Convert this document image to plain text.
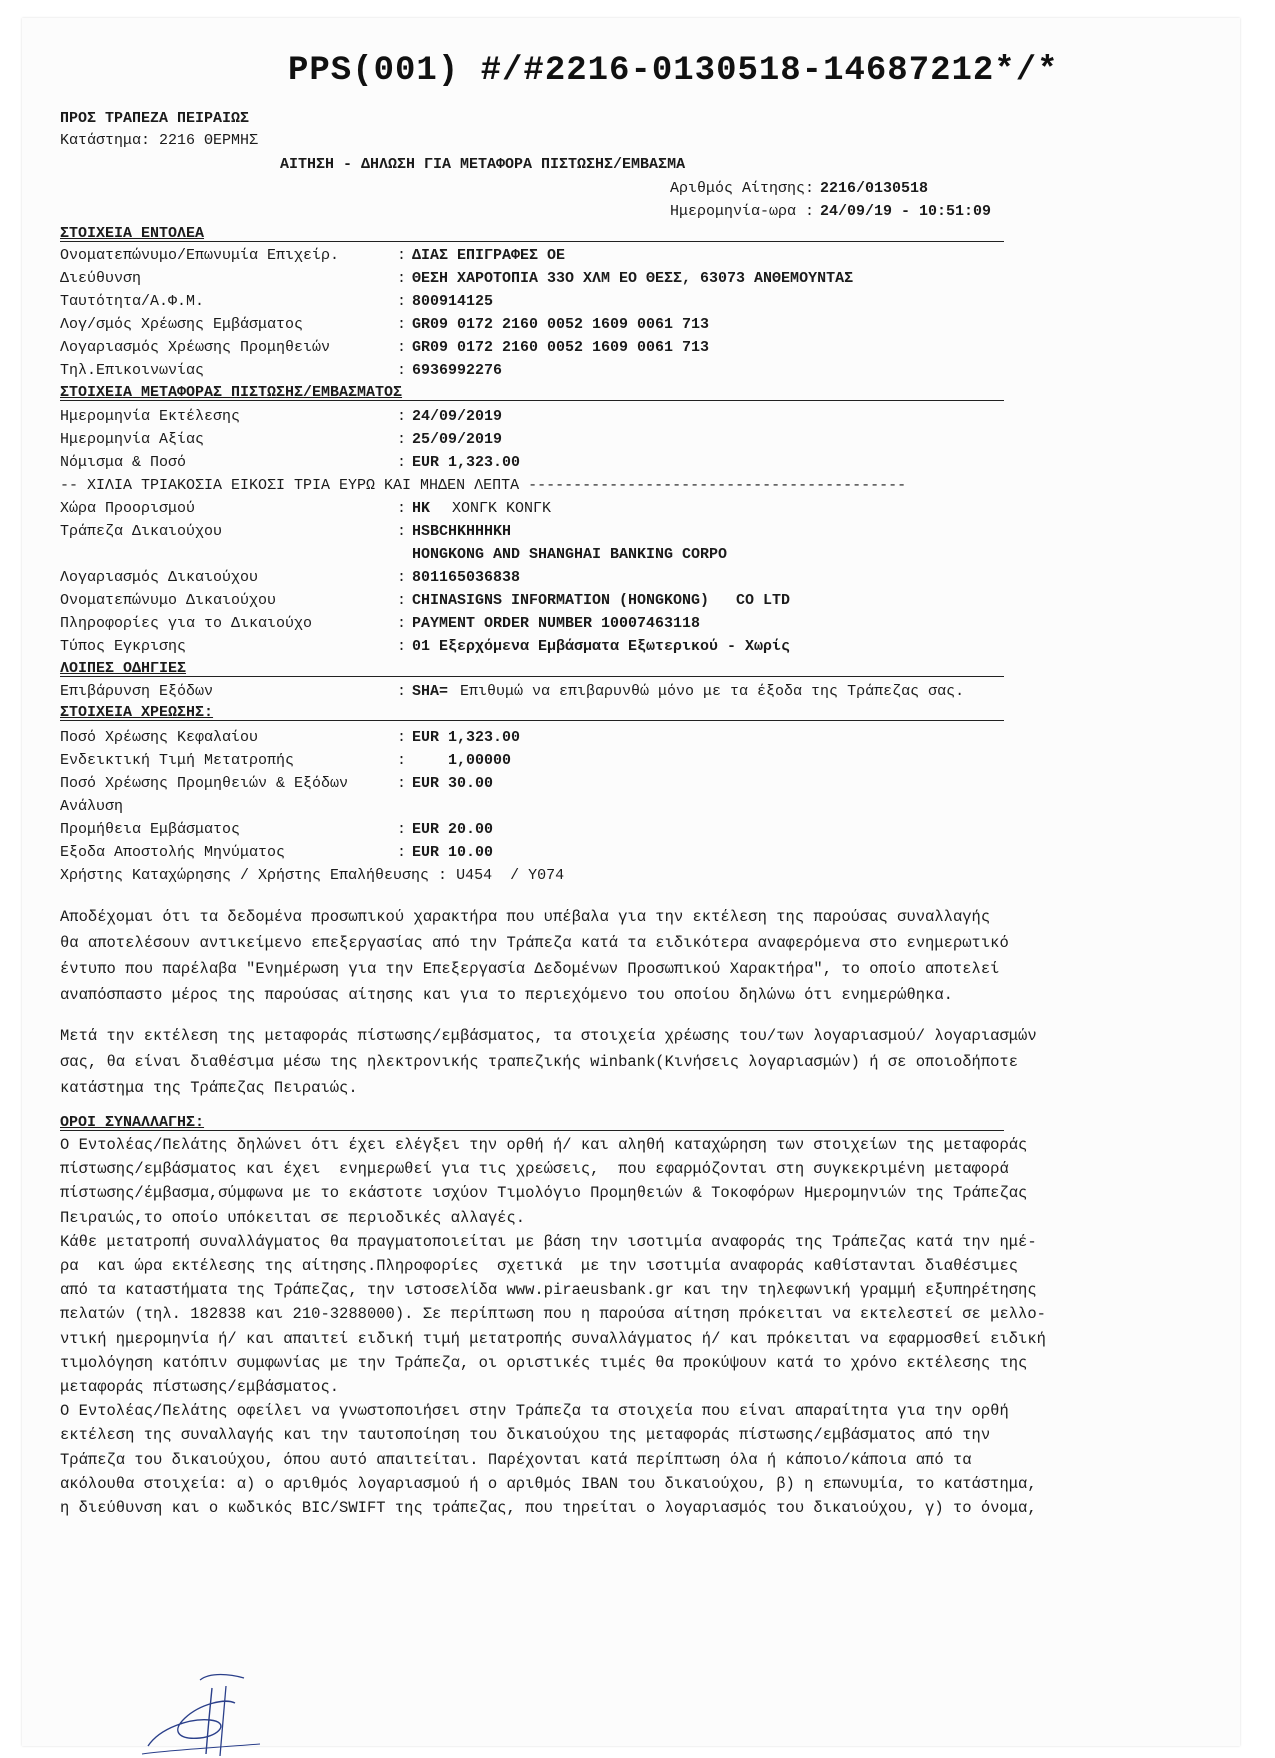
PPS(001) #/#2216-0130518-14687212*/*
ΠΡΟΣ ΤΡΑΠΕΖΑ ΠΕΙΡΑΙΩΣ
Κατάστημα: 2216 ΘΕΡΜΗΣ
ΑΙΤΗΣΗ - ΔΗΛΩΣΗ ΓΙΑ ΜΕΤΑΦΟΡΑ ΠΙΣΤΩΣΗΣ/ΕΜΒΑΣΜΑ
Αριθμός Αίτησης: 2216/0130518
Ημερομηνία-ωρα : 24/09/19 - 10:51:09
ΣΤΟΙΧΕΙΑ ΕΝΤΟΛΕΑ
Ονοματεπώνυμο/Επωνυμία Επιχείρ.	: ΔΙΑΣ ΕΠΙΓΡΑΦΕΣ ΟΕ
Διεύθυνση	: ΘΕΣΗ ΧΑΡΟΤΟΠΙΑ 33Ο ΧΛΜ ΕΟ ΘΕΣΣ, 63073 ΑΝΘΕΜΟΥΝΤΑΣ
Ταυτότητα/Α.Φ.Μ.	: 800914125
Λογ/σμός Χρέωσης Εμβάσματος	: GR09 0172 2160 0052 1609 0061 713
Λογαριασμός Χρέωσης Προμηθειών	: GR09 0172 2160 0052 1609 0061 713
Τηλ.Επικοινωνίας	: 6936992276
ΣΤΟΙΧΕΙΑ ΜΕΤΑΦΟΡΑΣ ΠΙΣΤΩΣΗΣ/ΕΜΒΑΣΜΑΤΟΣ
Ημερομηνία Εκτέλεσης	: 24/09/2019
Ημερομηνία Αξίας	: 25/09/2019
Νόμισμα & Ποσό	: EUR 1,323.00
-- ΧΙΛΙΑ ΤΡΙΑΚΟΣΙΑ ΕΙΚΟΣΙ ΤΡΙΑ ΕΥΡΩ ΚΑΙ ΜΗΔΕΝ ΛΕΠΤΑ ------------------------------------------
Χώρα Προορισμού	: HK ΧΟΝΓΚ ΚΟΝΓΚ
Τράπεζα Δικαιούχου	: HSBCHKHHHKH
HONGKONG AND SHANGHAI BANKING CORPO
Λογαριασμός Δικαιούχου	: 801165036838
Ονοματεπώνυμο Δικαιούχου	: CHINASIGNS INFORMATION (HONGKONG)   CO LTD
Πληροφορίες για το Δικαιούχο	: PAYMENT ORDER NUMBER 10007463118
Τύπος Εγκρισης	: 01 Εξερχόμενα Εμβάσματα Εξωτερικού - Χωρίς
ΛΟΙΠΕΣ ΟΔΗΓΙΕΣ
Επιβάρυνση Εξόδων	: SHA= Επιθυμώ να επιβαρυνθώ μόνο με τα έξοδα της Τράπεζας σας.
ΣΤΟΙΧΕΙΑ ΧΡΕΩΣΗΣ:
Ποσό Χρέωσης Κεφαλαίου	: EUR 1,323.00
Ενδεικτική Τιμή Μετατροπής	: 1,00000
Ποσό Χρέωσης Προμηθειών & Εξόδων	: EUR 30.00
Ανάλυση
Προμήθεια Εμβάσματος	: EUR 20.00
Εξοδα Αποστολής Μηνύματος	: EUR 10.00
Χρήστης Καταχώρησης / Χρήστης Επαλήθευσης : U454  / Y074
Αποδέχομαι ότι τα δεδομένα προσωπικού χαρακτήρα που υπέβαλα για την εκτέλεση της παρούσας συναλλαγής
θα αποτελέσουν αντικείμενο επεξεργασίας από την Τράπεζα κατά τα ειδικότερα αναφερόμενα στο ενημερωτικό
έντυπο που παρέλαβα "Ενημέρωση για την Επεξεργασία Δεδομένων Προσωπικού Χαρακτήρα", το οποίο αποτελεί
αναπόσπαστο μέρος της παρούσας αίτησης και για το περιεχόμενο του οποίου δηλώνω ότι ενημερώθηκα.
Μετά την εκτέλεση της μεταφοράς πίστωσης/εμβάσματος, τα στοιχεία χρέωσης του/των λογαριασμού/ λογαριασμών
σας, θα είναι διαθέσιμα μέσω της ηλεκτρονικής τραπεζικής winbank(Κινήσεις λογαριασμών) ή σε οποιοδήποτε
κατάστημα της Τράπεζας Πειραιώς.
ΟΡΟΙ ΣΥΝΑΛΛΑΓΗΣ:
Ο Εντολέας/Πελάτης δηλώνει ότι έχει ελέγξει την ορθή ή/ και αληθή καταχώρηση των στοιχείων της μεταφοράς
πίστωσης/εμβάσματος και έχει  ενημερωθεί για τις χρεώσεις,  που εφαρμόζονται στη συγκεκριμένη μεταφορά
πίστωσης/έμβασμα,σύμφωνα με το εκάστοτε ισχύον Τιμολόγιο Προμηθειών & Τοκοφόρων Ημερομηνιών της Τράπεζας
Πειραιώς,το οποίο υπόκειται σε περιοδικές αλλαγές.
Κάθε μετατροπή συναλλάγματος θα πραγματοποιείται με βάση την ισοτιμία αναφοράς της Τράπεζας κατά την ημέ-
ρα  και ώρα εκτέλεσης της αίτησης.Πληροφορίες  σχετικά  με την ισοτιμία αναφοράς καθίστανται διαθέσιμες
από τα καταστήματα της Τράπεζας, την ιστοσελίδα www.piraeusbank.gr και την τηλεφωνική γραμμή εξυπηρέτησης
πελατών (τηλ. 182838 και 210-3288000). Σε περίπτωση που η παρούσα αίτηση πρόκειται να εκτελεστεί σε μελλο-
ντική ημερομηνία ή/ και απαιτεί ειδική τιμή μετατροπής συναλλάγματος ή/ και πρόκειται να εφαρμοσθεί ειδική
τιμολόγηση κατόπιν συμφωνίας με την Τράπεζα, οι οριστικές τιμές θα προκύψουν κατά το χρόνο εκτέλεσης της
μεταφοράς πίστωσης/εμβάσματος.
Ο Εντολέας/Πελάτης οφείλει να γνωστοποιήσει στην Τράπεζα τα στοιχεία που είναι απαραίτητα για την ορθή
εκτέλεση της συναλλαγής και την ταυτοποίηση του δικαιούχου της μεταφοράς πίστωσης/εμβάσματος από την
Τράπεζα του δικαιούχου, όπου αυτό απαιτείται. Παρέχονται κατά περίπτωση όλα ή κάποιο/κάποια από τα
ακόλουθα στοιχεία: α) ο αριθμός λογαριασμού ή ο αριθμός IBAN του δικαιούχου, β) η επωνυμία, το κατάστημα,
η διεύθυνση και ο κωδικός BIC/SWIFT της τράπεζας, που τηρείται ο λογαριασμός του δικαιούχου, γ) το όνομα,
